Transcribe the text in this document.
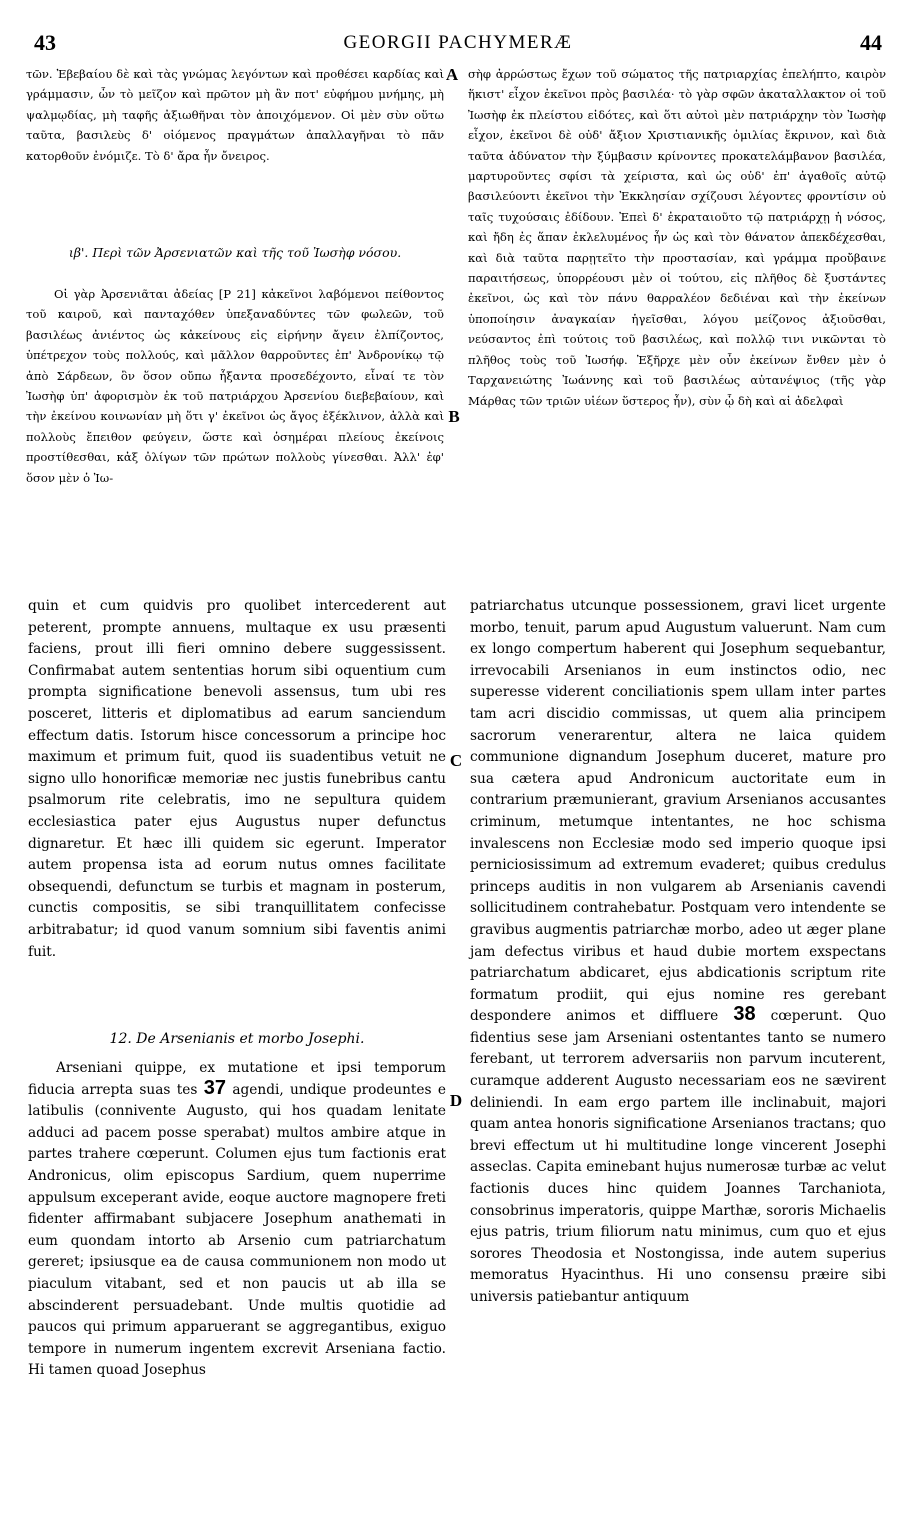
43	GEORGII PACHYMERÆ	44

τῶν. Ἐβεβαίου δὲ καὶ τὰς γνώμας λεγόντων καὶ προθέσει καρδίας καὶ γράμμασιν, ὧν τὸ μεῖζον καὶ πρῶτον μὴ ἂν ποτ' εὐφήμου μνήμης, μὴ ψαλμῳδίας, μὴ ταφῆς ἀξιωθῆναι τὸν ἀποιχόμενον. Οἱ μὲν σὺν οὕτω ταῦτα, βασιλεὺς δ' οἰόμενος πραγμάτων ἀπαλλαγῆναι τὸ πᾶν κατορθοῦν ἐνόμιζε. Τὸ δ' ἄρα ἦν ὄνειρος.

ιβ'. Περὶ τῶν Ἀρσενιατῶν καὶ τῆς τοῦ Ἰωσὴφ νόσου.

Οἱ γὰρ Ἀρσενιᾶται ἀδείας [P 21] κἀκεῖνοι λαβόμενοι πείθοντος τοῦ καιροῦ, καὶ πανταχόθεν ὑπεξαναδύντες τῶν φωλεῶν, τοῦ βασιλέως ἀνιέντος ὡς κἀκείνους εἰς εἰρήνην ἄγειν ἐλπίζοντος, ὑπέτρεχον τοὺς πολλούς, καὶ μᾶλλον θαρροῦντες ἐπ' Ἀνδρονίκῳ τῷ ἀπὸ Σάρδεων, ὃν ὅσον οὔπω ἧξαντα προσεδέχοντο, εἶναί τε τὸν Ἰωσὴφ ὑπ' ἀφορισμὸν ἐκ τοῦ πατριάρχου Ἀρσενίου διεβεβαίουν, καὶ τὴν ἐκείνου κοινωνίαν μὴ ὅτι γ' ἐκεῖνοι ὡς ἄγος ἐξέκλινον, ἀλλὰ καὶ πολλοὺς ἔπειθον φεύγειν, ὥστε καὶ ὁσημέραι πλείους ἐκείνοις προστίθεσθαι, κἀξ ὀλίγων τῶν πρώτων πολλοὺς γίνεσθαι. Ἀλλ' ἐφ' ὅσον μὲν ὁ Ἰω-

σὴφ ἀρρώστως ἔχων τοῦ σώματος τῆς πατριαρχίας ἐπελήπτο, καιρὸν ἥκιστ' εἶχον ἐκεῖνοι πρὸς βασιλέα· τὸ γὰρ σφῶν ἀκαταλλακτον οἱ τοῦ Ἰωσὴφ ἐκ πλείστου εἰδότες, καὶ ὅτι αὐτοὶ μὲν πατριάρχην τὸν Ἰωσὴφ εἶχον, ἐκεῖνοι δὲ οὐδ' ἄξιον Χριστιανικῆς ὁμιλίας ἔκρινον, καὶ διὰ ταῦτα ἀδύνατον τὴν ξύμβασιν κρίνοντες προκατελάμβανον βασιλέα, μαρτυροῦντες σφίσι τὰ χείριστα, καὶ ὡς οὐδ' ἐπ' ἀγαθοῖς αὐτῷ βασιλεύοντι ἐκεῖνοι τὴν Ἐκκλησίαν σχίζουσι λέγοντες φροντίσιν οὐ ταῖς τυχούσαις ἐδίδουν. Ἐπεὶ δ' ἐκραταιοῦτο τῷ πατριάρχῃ ἡ νόσος, καὶ ἤδη ἐς ἅπαν ἐκλελυμένος ἦν ὡς καὶ τὸν θάνατον ἀπεκδέχεσθαι, καὶ διὰ ταῦτα παρῃτεῖτο τὴν προστασίαν, καὶ γράμμα προὔβαινε παραιτήσεως, ὑπορρέουσι μὲν οἱ τούτου, εἰς πλῆθος δὲ ξυστάντες ἐκεῖνοι, ὡς καὶ τὸν πάνυ θαρραλέον δεδιέναι καὶ τὴν ἐκείνων ὑποποίησιν ἀναγκαίαν ἡγεῖσθαι, λόγου μείζονος ἀξιοῦσθαι, νεύσαντος ἐπὶ τούτοις τοῦ βασιλέως, καὶ πολλῷ τινι νικῶνται τὸ πλῆθος τοὺς τοῦ Ἰωσήφ. Ἐξῆρχε μὲν οὖν ἐκείνων ἔνθεν μὲν ὁ Ταρχανειώτης Ἰωάννης καὶ τοῦ βασιλέως αὐτανέψιος (τῆς γὰρ Μάρθας τῶν τριῶν υἱέων ὕστερος ἦν), σὺν ᾧ δὴ καὶ αἱ ἀδελφαὶ

quin et cum quidvis pro quolibet intercederent aut peterent, prompte annuens, multaque ex usu præsenti faciens, prout illi fieri omnino debere suggessissent. Confirmabat autem sententias horum sibi oquentium cum prompta significatione benevoli assensus, tum ubi res posceret, litteris et diplomatibus ad earum sanciendum effectum datis. Istorum hisce concessorum a principe hoc maximum et primum fuit, quod iis suadentibus vetuit ne signo ullo honorificæ memoriæ nec justis funebribus cantu psalmorum rite celebratis, imo ne sepultura quidem ecclesiastica pater ejus Augustus nuper defunctus dignaretur. Et hæc illi quidem sic egerunt. Imperator autem propensa ista ad eorum nutus omnes facilitate obsequendi, defunctum se turbis et magnam in posterum, cunctis compositis, se sibi tranquillitatem confecisse arbitrabatur; id quod vanum somnium sibi faventis animi fuit.

12. De Arsenianis et morbo Josephi.

Arseniani quippe, ex mutatione et ipsi temporum fiducia arrepta suas tes 37 agendi, undique prodeuntes e latibulis (connivente Augusto, qui hos quadam lenitate adduci ad pacem posse sperabat) multos ambire atque in partes trahere cœperunt. Columen ejus tum factionis erat Andronicus, olim episcopus Sardium, quem nuperrime appulsum exceperant avide, eoque auctore magnopere freti fidenter affirmabant subjacere Josephum anathemati in eum quondam intorto ab Arsenio cum patriarchatum gereret; ipsiusque ea de causa communionem non modo ut piaculum vitabant, sed et non paucis ut ab illa se abscinderent persuadebant. Unde multis quotidie ad paucos qui primum apparuerant se aggregantibus, exiguo tempore in numerum ingentem excrevit Arseniana factio. Hi tamen quoad Josephus

patriarchatus utcunque possessionem, gravi licet urgente morbo, tenuit, parum apud Augustum valuerunt. Nam cum ex longo compertum haberent qui Josephum sequebantur, irrevocabili Arsenianos in eum instinctos odio, nec superesse viderent conciliationis spem ullam inter partes tam acri discidio commissas, ut quem alia principem sacrorum venerarentur, altera ne laica quidem communione dignandum Josephum duceret, mature pro sua cætera apud Andronicum auctoritate eum in contrarium præmunierant, gravium Arsenianos accusantes criminum, metumque intentantes, ne hoc schisma invalescens non Ecclesiæ modo sed imperio quoque ipsi perniciosissimum ad extremum evaderet; quibus credulus princeps auditis in non vulgarem ab Arsenianis cavendi sollicitudinem contrahebatur. Postquam vero intendente se gravibus augmentis patriarchæ morbo, adeo ut æger plane jam defectus viribus et haud dubie mortem exspectans patriarchatum abdicaret, ejus abdicationis scriptum rite formatum prodiit, qui ejus nomine res gerebant despondere animos et diffluere 38 cœperunt. Quo fidentius sese jam Arseniani ostentantes tanto se numero ferebant, ut terrorem adversariis non parvum incuterent, curamque adderent Augusto necessariam eos ne sævirent deliniendi. In eam ergo partem ille inclinabuit, majori quam antea honoris significatione Arsenianos tractans; quo brevi effectum ut hi multitudine longe vincerent Josephi asseclas. Capita eminebant hujus numerosæ turbæ ac velut factionis duces hinc quidem Joannes Tarchaniota, consobrinus imperatoris, quippe Marthæ, sororis Michaelis ejus patris, trium filiorum natu minimus, cum quo et ejus sorores Theodosia et Nostongissa, inde autem superius memoratus Hyacinthus. Hi uno consensu præire sibi universis patiebantur antiquum

A
B
C
D
